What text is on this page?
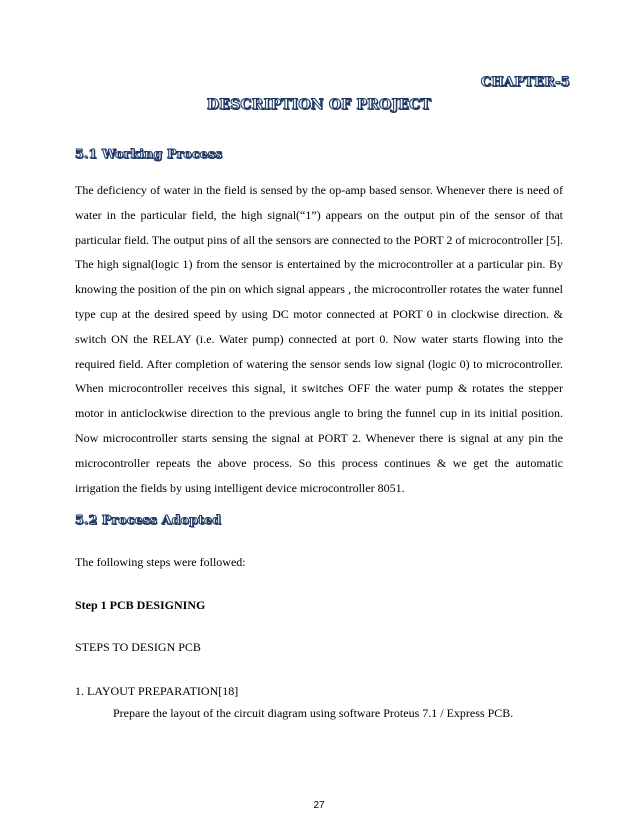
CHAPTER-5
DESCRIPTION OF PROJECT
5.1 Working Process

The deficiency of water in the field is sensed by the op-amp based sensor. Whenever there is need of water in the particular field, the high signal(“1”) appears on the output pin of the sensor of that particular field. The output pins of all the sensors are connected to the PORT 2 of microcontroller [5]. The high signal(logic 1) from the sensor is entertained by the microcontroller at a particular pin. By knowing the position of the pin on which signal appears , the microcontroller rotates the water funnel type cup at the desired speed by using DC motor connected at PORT 0 in clockwise direction. & switch ON the RELAY (i.e. Water pump) connected at port 0. Now water starts flowing into the required field. After completion of watering the sensor sends low signal (logic 0) to microcontroller. When microcontroller receives this signal, it switches OFF the water pump & rotates the stepper motor in anticlockwise direction to the previous angle to bring the funnel cup in its initial position. Now microcontroller starts sensing the signal at PORT 2. Whenever there is signal at any pin the microcontroller repeats the above process. So this process continues & we get the automatic irrigation the fields by using intelligent device microcontroller 8051.

5.2 Process Adopted

The following steps were followed:

Step 1 PCB DESIGNING

STEPS TO DESIGN PCB

1. LAYOUT PREPARATION[18]

Prepare the layout of the circuit diagram using software Proteus 7.1 / Express PCB.

27
